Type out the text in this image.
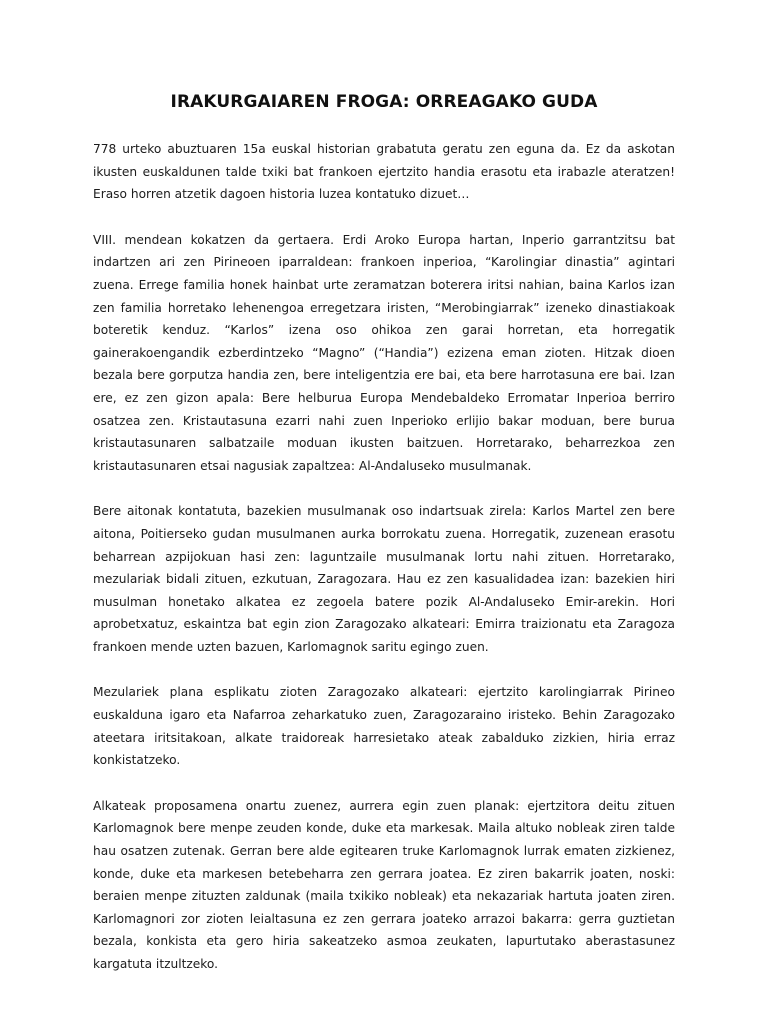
IRAKURGAIAREN FROGA: ORREAGAKO GUDA

778 urteko abuztuaren 15a euskal historian grabatuta geratu zen eguna da. Ez da askotan ikusten euskaldunen talde txiki bat frankoen ejertzito handia erasotu eta irabazle ateratzen! Eraso horren atzetik dagoen historia luzea kontatuko dizuet…

VIII. mendean kokatzen da gertaera. Erdi Aroko Europa hartan, Inperio garrantzitsu bat indartzen ari zen Pirineoen iparraldean: frankoen inperioa, “Karolingiar dinastia” agintari zuena. Errege familia honek hainbat urte zeramatzan boterera iritsi nahian, baina Karlos izan zen familia horretako lehenengoa erregetzara iristen, “Merobingiarrak” izeneko dinastiakoak boteretik kenduz. “Karlos” izena oso ohikoa zen garai horretan, eta horregatik gainerakoengandik ezberdintzeko “Magno” (“Handia”) ezizena eman zioten. Hitzak dioen bezala bere gorputza handia zen, bere inteligentzia ere bai, eta bere harrotasuna ere bai. Izan ere, ez zen gizon apala: Bere helburua Europa Mendebaldeko Erromatar Inperioa berriro osatzea zen. Kristautasuna ezarri nahi zuen Inperioko erlijio bakar moduan, bere burua kristautasunaren salbatzaile moduan ikusten baitzuen. Horretarako, beharrezkoa zen kristautasunaren etsai nagusiak zapaltzea: Al-Andaluseko musulmanak.

Bere aitonak kontatuta, bazekien musulmanak oso indartsuak zirela: Karlos Martel zen bere aitona, Poitierseko gudan musulmanen aurka borrokatu zuena. Horregatik, zuzenean erasotu beharrean azpijokuan hasi zen: laguntzaile musulmanak lortu nahi zituen. Horretarako, mezulariak bidali zituen, ezkutuan, Zaragozara. Hau ez zen kasualidadea izan: bazekien hiri musulman honetako alkatea ez zegoela batere pozik Al-Andaluseko Emir-arekin. Hori aprobetxatuz, eskaintza bat egin zion Zaragozako alkateari: Emirra traizionatu eta Zaragoza frankoen mende uzten bazuen, Karlomagnok saritu egingo zuen.

Mezulariek plana esplikatu zioten Zaragozako alkateari: ejertzito karolingiarrak Pirineo euskalduna igaro eta Nafarroa zeharkatuko zuen, Zaragozaraino iristeko. Behin Zaragozako ateetara iritsitakoan, alkate traidoreak harresietako ateak zabalduko zizkien, hiria erraz konkistatzeko.

Alkateak proposamena onartu zuenez, aurrera egin zuen planak: ejertzitora deitu zituen Karlomagnok bere menpe zeuden konde, duke eta markesak. Maila altuko nobleak ziren talde hau osatzen zutenak. Gerran bere alde egitearen truke Karlomagnok lurrak ematen zizkienez, konde, duke eta markesen betebeharra zen gerrara joatea. Ez ziren bakarrik joaten, noski: beraien menpe zituzten zaldunak (maila txikiko nobleak) eta nekazariak hartuta joaten ziren. Karlomagnori zor zioten leialtasuna ez zen gerrara joateko arrazoi bakarra: gerra guztietan bezala, konkista eta gero hiria sakeatzeko asmoa zeukaten, lapurtutako aberastasunez kargatuta itzultzeko.
